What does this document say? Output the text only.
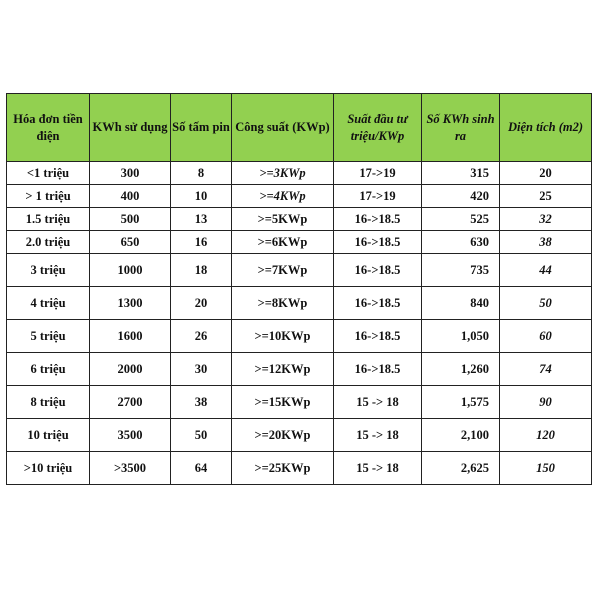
Hóa đơn tiền điện	KWh sử dụng	Số tấm pin	Công suất (KWp)	Suất đầu tư triệu/KWp	Số KWh sinh ra	Diện tích (m2)
<1 triệu	300	8	>=3KWp	17->19	315	20
> 1 triệu	400	10	>=4KWp	17->19	420	25
1.5 triệu	500	13	>=5KWp	16->18.5	525	32
2.0 triệu	650	16	>=6KWp	16->18.5	630	38
3 triệu	1000	18	>=7KWp	16->18.5	735	44
4 triệu	1300	20	>=8KWp	16->18.5	840	50
5 triệu	1600	26	>=10KWp	16->18.5	1,050	60
6 triệu	2000	30	>=12KWp	16->18.5	1,260	74
8 triệu	2700	38	>=15KWp	15 -> 18	1,575	90
10 triệu	3500	50	>=20KWp	15 -> 18	2,100	120
>10 triệu	>3500	64	>=25KWp	15 -> 18	2,625	150
